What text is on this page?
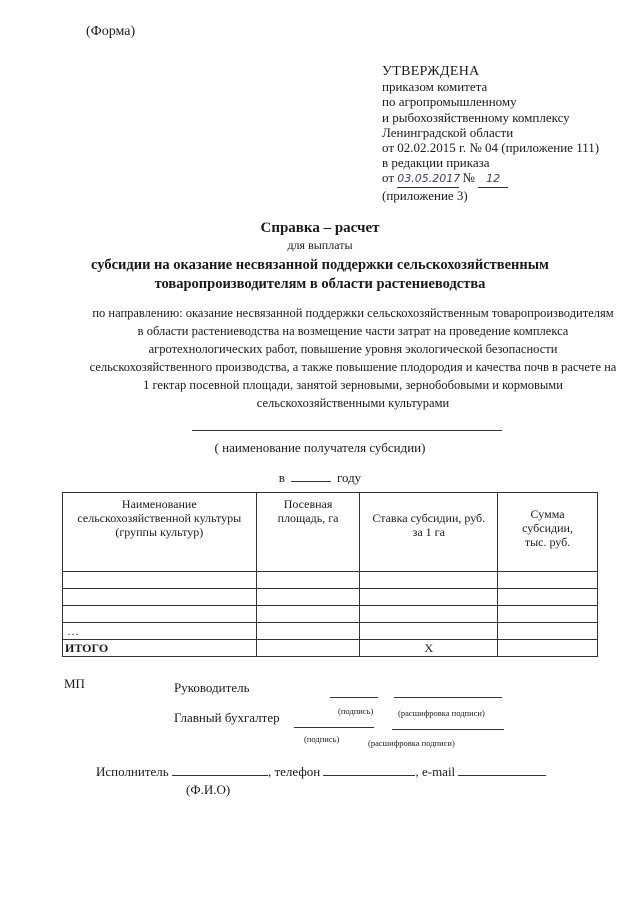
(Форма)
УТВЕРЖДЕНА
приказом комитета
по агропромышленному
и рыбохозяйственному комплексу
Ленинградской области
от 02.02.2015 г. № 04 (приложение 111)
в редакции приказа
от 03.05.2017 № 12
(приложение 3)
Справка – расчет
для выплаты
субсидии на оказание несвязанной поддержки сельскохозяйственным
товаропроизводителям в области растениеводства
по направлению: оказание несвязанной поддержки сельскохозяйственным товаропроизводителям в области растениеводства на возмещение части затрат на проведение комплекса агротехнологических работ, повышение уровня экологической безопасности сельскохозяйственного производства, а также повышение плодородия и качества почв в расчете на 1 гектар посевной площади, занятой зерновыми, зернобобовыми и кормовыми сельскохозяйственными культурами
( наименование получателя субсидии)
в	году
Наименование сельскохозяйственной культуры (группы культур)	Посевная площадь, га	Ставка субсидии, руб. за 1 га	Сумма субсидии, тыс. руб.

…			
ИТОГО		Х	
МП	Руководитель
(подпись)	(расшифровка подписи)
Главный бухгалтер
(подпись)	(расшифровка подписи)
Исполнитель	, телефон	, e-mail
(Ф.И.О)
